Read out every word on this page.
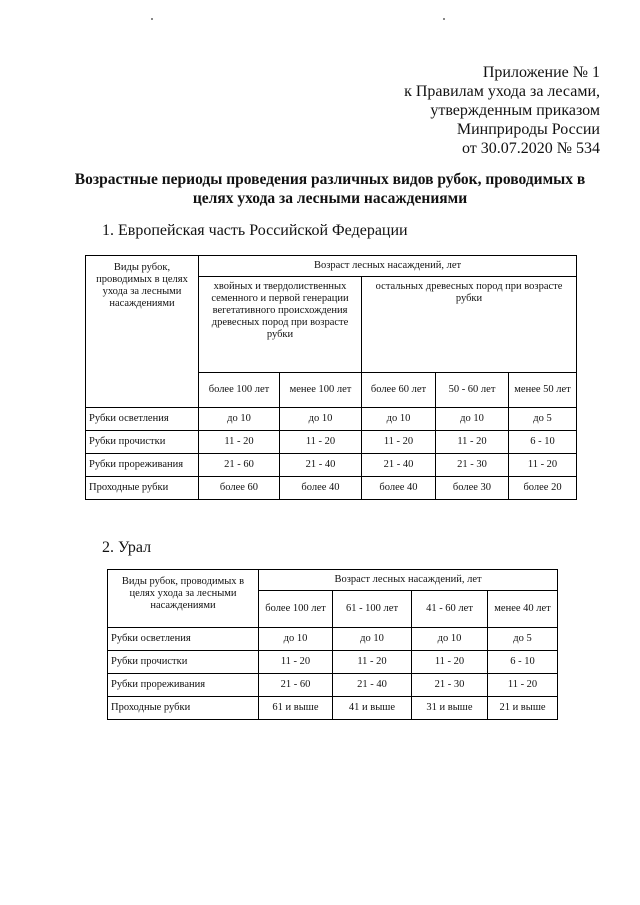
Приложение № 1
к Правилам ухода за лесами,
утвержденным приказом
Минприроды России
от 30.07.2020 № 534
Возрастные периоды проведения различных видов рубок, проводимых в целях ухода за лесными насаждениями
1. Европейская часть Российской Федерации
Виды рубок, проводимых в целях ухода за лесными насаждениями	Возраст лесных насаждений, лет				
	хвойных и твердолиственных семенного и первой генерации вегетативного происхождения древесных пород при возрасте рубки		остальных древесных пород при возрасте рубки		
	более 100 лет	менее 100 лет	более 60 лет	50 - 60 лет	менее 50 лет
Рубки осветления	до 10	до 10	до 10	до 10	до 5
Рубки прочистки	11 - 20	11 - 20	11 - 20	11 - 20	6 - 10
Рубки прореживания	21 - 60	21 - 40	21 - 40	21 - 30	11 - 20
Проходные рубки	более 60	более 40	более 40	более 30	более 20
2. Урал
Виды рубок, проводимых в целях ухода за лесными насаждениями	Возраст лесных насаждений, лет			
	более 100 лет	61 - 100 лет	41 - 60 лет	менее 40 лет
Рубки осветления	до 10	до 10	до 10	до 5
Рубки прочистки	11 - 20	11 - 20	11 - 20	6 - 10
Рубки прореживания	21 - 60	21 - 40	21 - 30	11 - 20
Проходные рубки	61 и выше	41 и выше	31 и выше	21 и выше
